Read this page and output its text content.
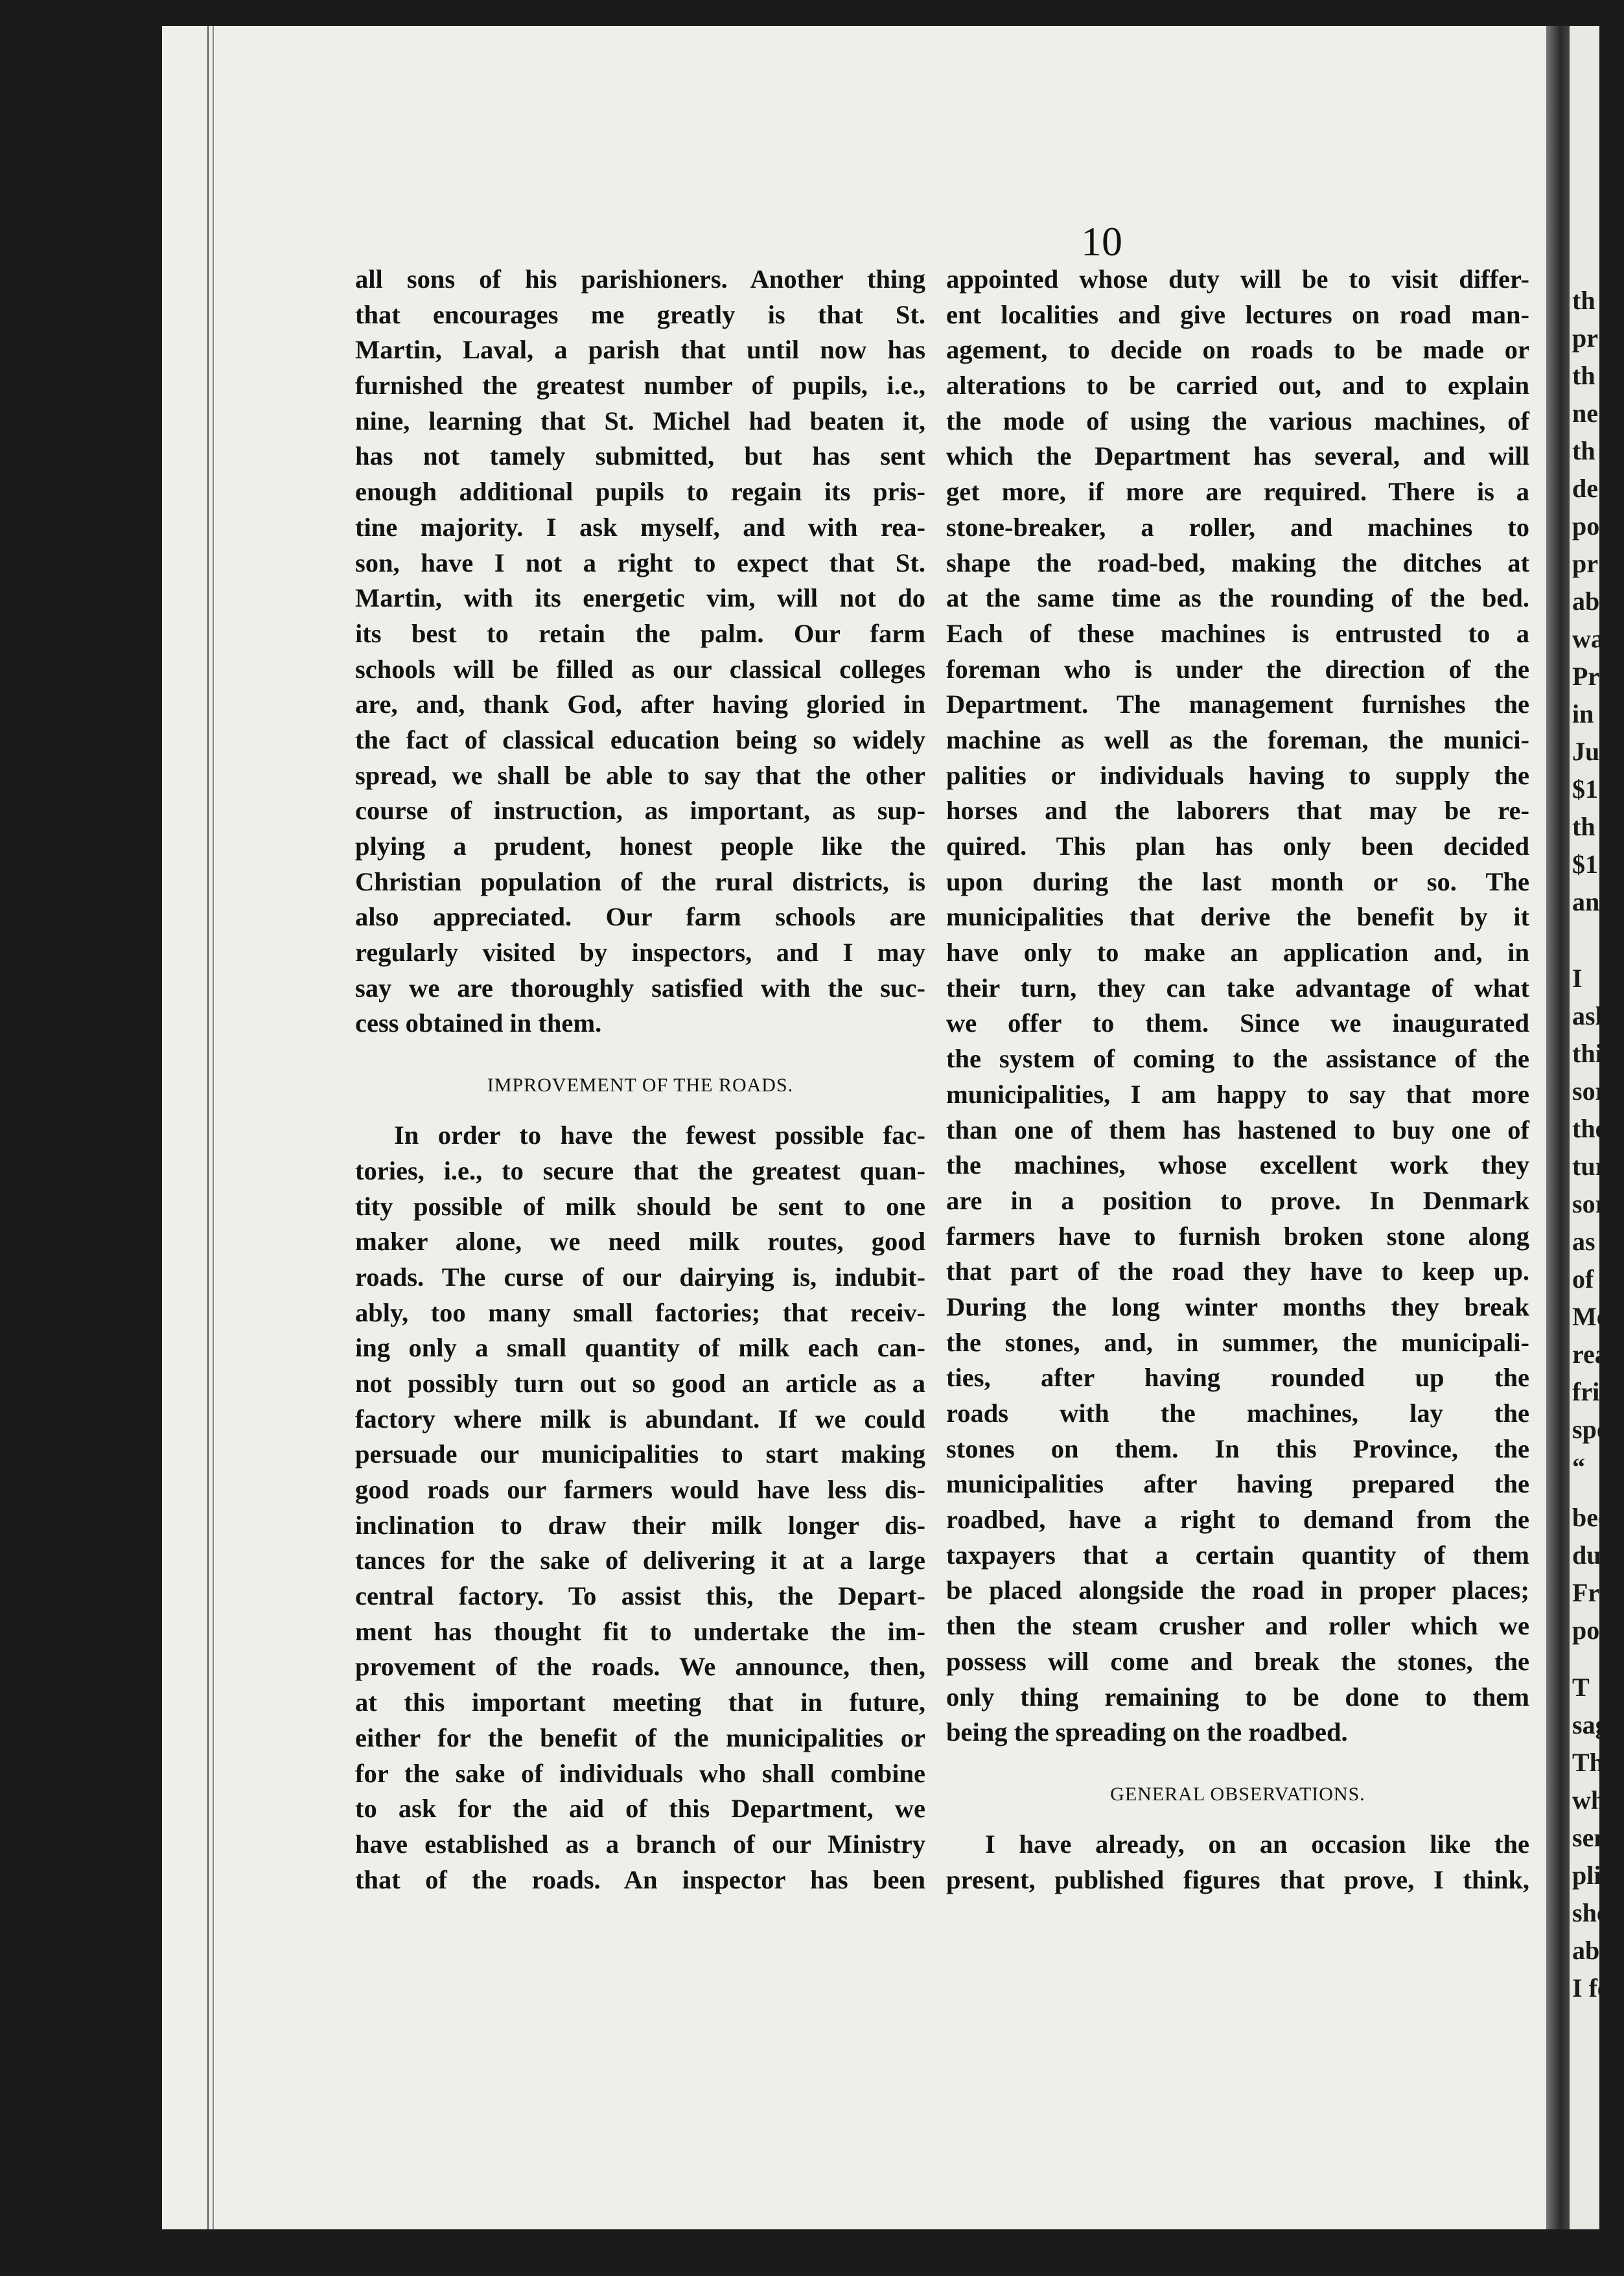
10
th
pr
th
ne
th
de
po
pr
ab
wa
Pr
in
Ju
$1
th
$1
an
I
asl
thi
sor
the
tur
sor
as
of I
Mo
rea
frie
spo
“
bee
due
Fre
pol
T
sag
Tho
whe
sent
plie
shou
able
I fee
all sons of his parishioners. Another thing
that encourages me greatly is that St.
Martin, Laval, a parish that until now has
furnished the greatest number of pupils, i.e.,
nine, learning that St. Michel had beaten it,
has not tamely submitted, but has sent
enough additional pupils to regain its pris-
tine majority. I ask myself, and with rea-
son, have I not a right to expect that St.
Martin, with its energetic vim, will not do
its best to retain the palm. Our farm
schools will be filled as our classical colleges
are, and, thank God, after having gloried in
the fact of classical education being so widely
spread, we shall be able to say that the other
course of instruction, as important, as sup-
plying a prudent, honest people like the
Christian population of the rural districts, is
also appreciated. Our farm schools are
regularly visited by inspectors, and I may
say we are thoroughly satisfied with the suc-
cess obtained in them.
IMPROVEMENT OF THE ROADS.
In order to have the fewest possible fac-
tories, i.e., to secure that the greatest quan-
tity possible of milk should be sent to one
maker alone, we need milk routes, good
roads. The curse of our dairying is, indubit-
ably, too many small factories; that receiv-
ing only a small quantity of milk each can-
not possibly turn out so good an article as a
factory where milk is abundant. If we could
persuade our municipalities to start making
good roads our farmers would have less dis-
inclination to draw their milk longer dis-
tances for the sake of delivering it at a large
central factory. To assist this, the Depart-
ment has thought fit to undertake the im-
provement of the roads. We announce, then,
at this important meeting that in future,
either for the benefit of the municipalities or
for the sake of individuals who shall combine
to ask for the aid of this Department, we
have established as a branch of our Ministry
that of the roads. An inspector has been
appointed whose duty will be to visit differ-
ent localities and give lectures on road man-
agement, to decide on roads to be made or
alterations to be carried out, and to explain
the mode of using the various machines, of
which the Department has several, and will
get more, if more are required. There is a
stone-breaker, a roller, and machines to
shape the road-bed, making the ditches at
at the same time as the rounding of the bed.
Each of these machines is entrusted to a
foreman who is under the direction of the
Department. The management furnishes the
machine as well as the foreman, the munici-
palities or individuals having to supply the
horses and the laborers that may be re-
quired. This plan has only been decided
upon during the last month or so. The
municipalities that derive the benefit by it
have only to make an application and, in
their turn, they can take advantage of what
we offer to them. Since we inaugurated
the system of coming to the assistance of the
municipalities, I am happy to say that more
than one of them has hastened to buy one of
the machines, whose excellent work they
are in a position to prove. In Denmark
farmers have to furnish broken stone along
that part of the road they have to keep up.
During the long winter months they break
the stones, and, in summer, the municipali-
ties, after having rounded up the
roads with the machines, lay the
stones on them. In this Province, the
municipalities after having prepared the
roadbed, have a right to demand from the
taxpayers that a certain quantity of them
be placed alongside the road in proper places;
then the steam crusher and roller which we
possess will come and break the stones, the
only thing remaining to be done to them
being the spreading on the roadbed.
GENERAL OBSERVATIONS.
I have already, on an occasion like the
present, published figures that prove, I think,
